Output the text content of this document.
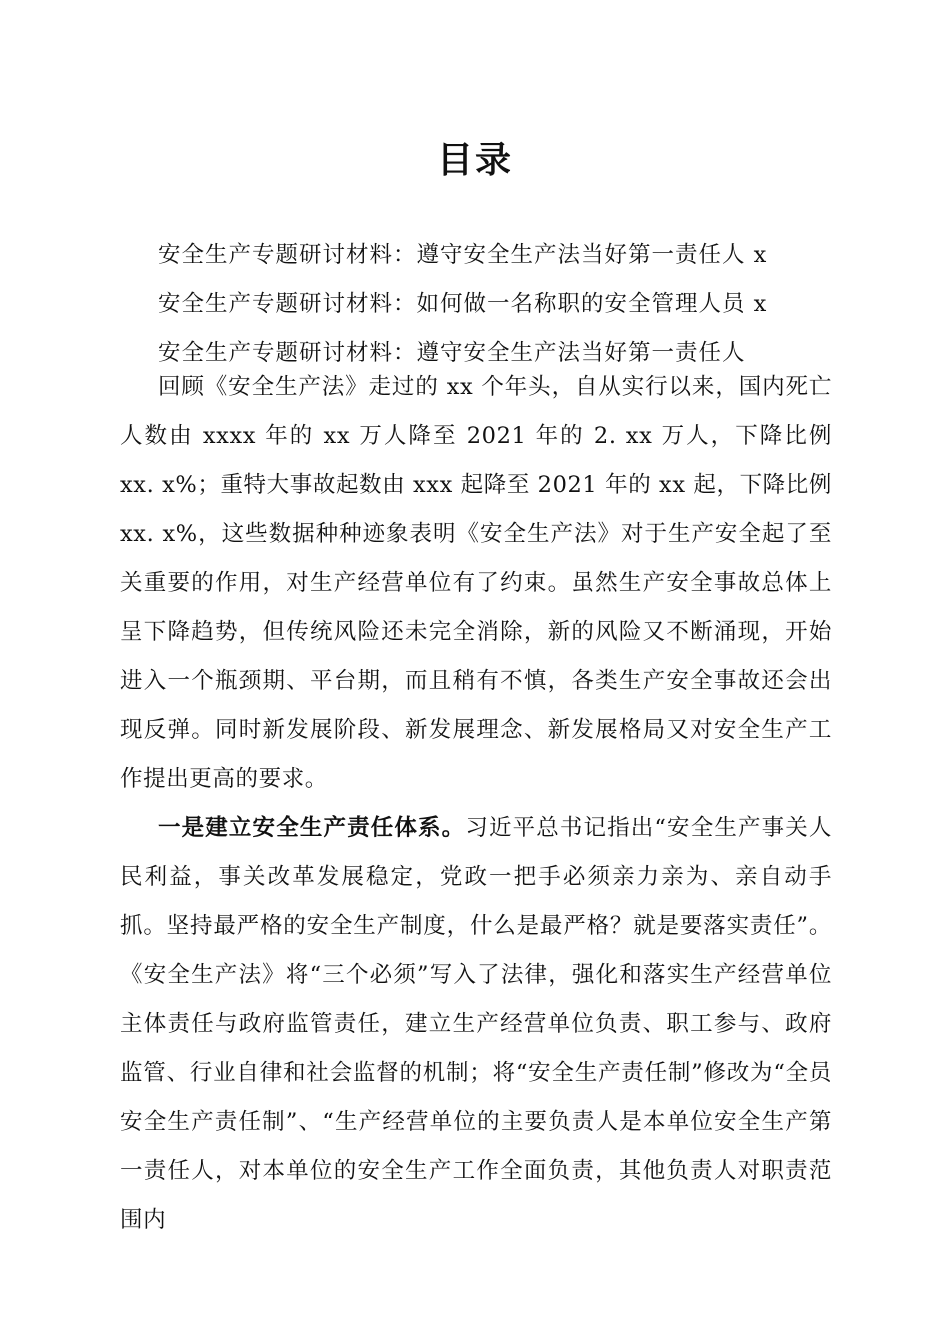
目录
安全生产专题研讨材料：遵守安全生产法当好第一责任人 x
安全生产专题研讨材料：如何做一名称职的安全管理人员 x
安全生产专题研讨材料：遵守安全生产法当好第一责任人

回顾《安全生产法》走过的 xx 个年头，自从实行以来，国内死亡人数由 xxxx 年的 xx 万人降至 2021 年的 2. xx 万人，下降比例 xx. x%；重特大事故起数由 xxx 起降至 2021 年的 xx 起，下降比例 xx. x%，这些数据种种迹象表明《安全生产法》对于生产安全起了至关重要的作用，对生产经营单位有了约束。虽然生产安全事故总体上呈下降趋势，但传统风险还未完全消除，新的风险又不断涌现，开始进入一个瓶颈期、平台期，而且稍有不慎，各类生产安全事故还会出现反弹。同时新发展阶段、新发展理念、新发展格局又对安全生产工作提出更高的要求。

一是建立安全生产责任体系。习近平总书记指出“安全生产事关人民利益，事关改革发展稳定，党政一把手必须亲力亲为、亲自动手抓。坚持最严格的安全生产制度，什么是最严格？就是要落实责任”。《安全生产法》将“三个必须”写入了法律，强化和落实生产经营单位主体责任与政府监管责任，建立生产经营单位负责、职工参与、政府监管、行业自律和社会监督的机制；将“安全生产责任制”修改为“全员安全生产责任制”、“生产经营单位的主要负责人是本单位安全生产第一责任人，对本单位的安全生产工作全面负责，其他负责人对职责范围内
